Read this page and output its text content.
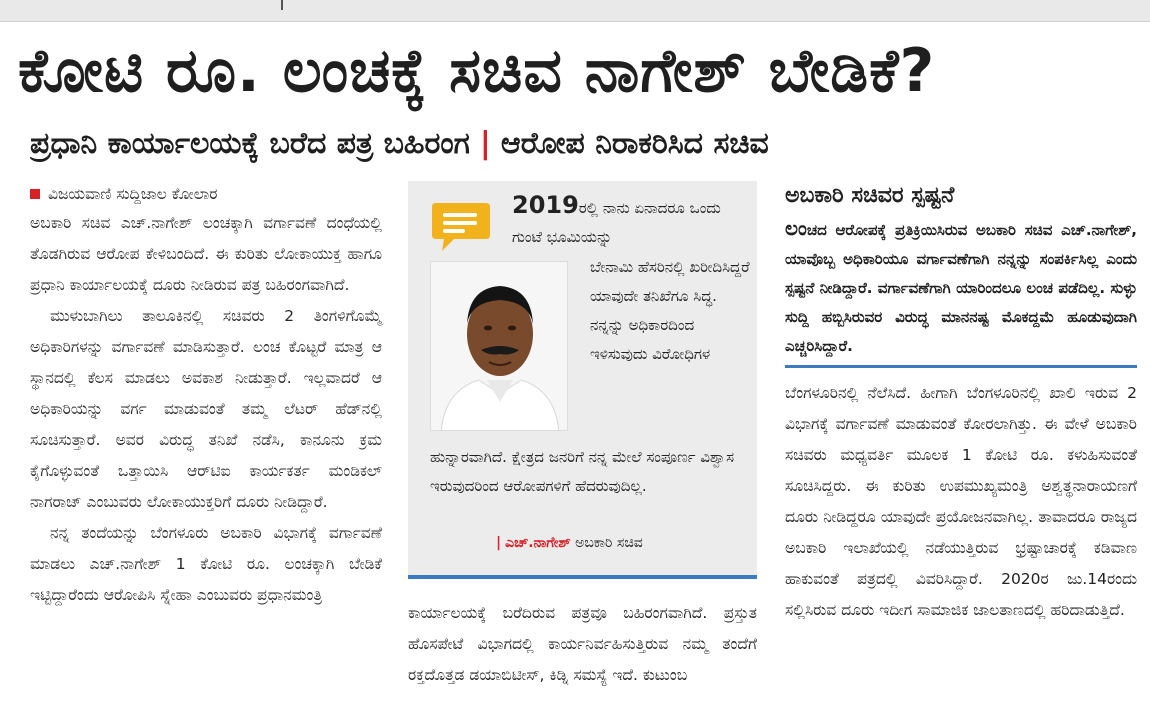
ಕೋಟಿ ರೂ. ಲಂಚಕ್ಕೆ ಸಚಿವ ನಾಗೇಶ್ ಬೇಡಿಕೆ?
ಪ್ರಧಾನಿ ಕಾರ್ಯಾಲಯಕ್ಕೆ ಬರೆದ ಪತ್ರ ಬಹಿರಂಗ | ಆರೋಪ ನಿರಾಕರಿಸಿದ ಸಚಿವ
ವಿಜಯವಾಣಿ ಸುದ್ದಿಜಾಲ ಕೋಲಾರ

ಅಬಕಾರಿ ಸಚಿವ ಎಚ್.ನಾಗೇಶ್ ಲಂಚಕ್ಕಾಗಿ ವರ್ಗಾವಣೆ ದಂಧೆಯಲ್ಲಿ ತೊಡಗಿರುವ ಆರೋಪ ಕೇಳಿಬಂದಿದೆ. ಈ ಕುರಿತು ಲೋಕಾಯುಕ್ತ ಹಾಗೂ ಪ್ರಧಾನಿ ಕಾರ್ಯಾಲಯಕ್ಕೆ ದೂರು ನೀಡಿರುವ ಪತ್ರ ಬಹಿರಂಗವಾಗಿದೆ.

ಮುಳುಬಾಗಿಲು ತಾಲೂಕಿನಲ್ಲಿ ಸಚಿವರು 2 ತಿಂಗಳಿಗೊಮ್ಮೆ ಅಧಿಕಾರಿಗಳನ್ನು ವರ್ಗಾವಣೆ ಮಾಡಿಸುತ್ತಾರೆ. ಲಂಚ ಕೊಟ್ಟರೆ ಮಾತ್ರ ಆ ಸ್ಥಾನದಲ್ಲಿ ಕೆಲಸ ಮಾಡಲು ಅವಕಾಶ ನೀಡುತ್ತಾರೆ. ಇಲ್ಲವಾದರೆ ಆ ಅಧಿಕಾರಿಯನ್ನು ವರ್ಗ ಮಾಡುವಂತೆ ತಮ್ಮ ಲೆಟರ್ ಹೆಡ್‌ನಲ್ಲಿ ಸೂಚಿಸುತ್ತಾರೆ. ಅವರ ವಿರುದ್ಧ ತನಿಖೆ ನಡೆಸಿ, ಕಾನೂನು ಕ್ರಮ ಕೈಗೊಳ್ಳುವಂತೆ ಒತ್ತಾಯಿಸಿ ಆರ್‌ಟಿಐ ಕಾರ್ಯಕರ್ತ ಮಂಡಿಕಲ್ ನಾಗರಾಜ್ ಎಂಬುವರು ಲೋಕಾಯುಕ್ತರಿಗೆ ದೂರು ನೀಡಿದ್ದಾರೆ.

ನನ್ನ ತಂದೆಯನ್ನು ಬೆಂಗಳೂರು ಅಬಕಾರಿ ವಿಭಾಗಕ್ಕೆ ವರ್ಗಾವಣೆ ಮಾಡಲು ಎಚ್.ನಾಗೇಶ್ 1 ಕೋಟಿ ರೂ. ಲಂಚಕ್ಕಾಗಿ ಬೇಡಿಕೆ ಇಟ್ಟಿದ್ದಾರೆಂದು ಆರೋಪಿಸಿ ಸ್ನೇಹಾ ಎಂಬುವರು ಪ್ರಧಾನಮಂತ್ರಿ

2019ರಲ್ಲಿ ನಾನು ಏನಾದರೂ ಒಂದು ಗುಂಟೆ ಭೂಮಿಯನ್ನು
ಬೇನಾಮಿ ಹೆಸರಿನಲ್ಲಿ ಖರೀದಿಸಿದ್ದರೆ ಯಾವುದೇ ತನಿಖೆಗೂ ಸಿದ್ಧ. ನನ್ನನ್ನು ಅಧಿಕಾರದಿಂದ ಇಳಿಸುವುದು ವಿರೋಧಿಗಳ
ಹುನ್ನಾರವಾಗಿದೆ. ಕ್ಷೇತ್ರದ ಜನರಿಗೆ ನನ್ನ ಮೇಲೆ ಸಂಪೂರ್ಣ ವಿಶ್ವಾಸ ಇರುವುದರಿಂದ ಆರೋಪಗಳಿಗೆ ಹೆದರುವುದಿಲ್ಲ.
| ಎಚ್.ನಾಗೇಶ್ ಅಬಕಾರಿ ಸಚಿವ

ಕಾರ್ಯಾಲಯಕ್ಕೆ ಬರೆದಿರುವ ಪತ್ರವೂ ಬಹಿರಂಗವಾಗಿದೆ. ಪ್ರಸ್ತುತ ಹೊಸಪೇಟೆ ವಿಭಾಗದಲ್ಲಿ ಕಾರ್ಯನಿರ್ವಹಿಸುತ್ತಿರುವ ನಮ್ಮ ತಂದೆಗೆ ರಕ್ತದೊತ್ತಡ ಡಯಾಬಿಟೀಸ್, ಕಿಡ್ನಿ ಸಮಸ್ಯೆ ಇದೆ. ಕುಟುಂಬ

ಅಬಕಾರಿ ಸಚಿವರ ಸ್ಪಷ್ಟನೆ
ಲಂಚದ ಆರೋಪಕ್ಕೆ ಪ್ರತಿಕ್ರಿಯಿಸಿರುವ ಅಬಕಾರಿ ಸಚಿವ ಎಚ್.ನಾಗೇಶ್, ಯಾವೊಬ್ಬ ಅಧಿಕಾರಿಯೂ ವರ್ಗಾವಣೆಗಾಗಿ ನನ್ನನ್ನು ಸಂಪರ್ಕಿಸಿಲ್ಲ ಎಂದು ಸ್ಪಷ್ಟನೆ ನೀಡಿದ್ದಾರೆ. ವರ್ಗಾವಣೆಗಾಗಿ ಯಾರಿಂದಲೂ ಲಂಚ ಪಡೆದಿಲ್ಲ. ಸುಳ್ಳು ಸುದ್ದಿ ಹಬ್ಬಿಸಿರುವರ ವಿರುದ್ಧ ಮಾನನಷ್ಟ ಮೊಕದ್ದಮೆ ಹೂಡುವುದಾಗಿ ಎಚ್ಚರಿಸಿದ್ದಾರೆ.

ಬೆಂಗಳೂರಿನಲ್ಲಿ ನೆಲೆಸಿದೆ. ಹೀಗಾಗಿ ಬೆಂಗಳೂರಿನಲ್ಲಿ ಖಾಲಿ ಇರುವ 2 ವಿಭಾಗಕ್ಕೆ ವರ್ಗಾವಣೆ ಮಾಡುವಂತೆ ಕೋರಲಾಗಿತ್ತು. ಈ ವೇಳೆ ಅಬಕಾರಿ ಸಚಿವರು ಮಧ್ಯವರ್ತಿ ಮೂಲಕ 1 ಕೋಟಿ ರೂ. ಕಳುಹಿಸುವಂತೆ ಸೂಚಿಸಿದ್ದರು. ಈ ಕುರಿತು ಉಪಮುಖ್ಯಮಂತ್ರಿ ಅಶ್ವತ್ಥನಾರಾಯಣಗೆ ದೂರು ನೀಡಿದ್ದರೂ ಯಾವುದೇ ಪ್ರಯೋಜನವಾಗಿಲ್ಲ. ತಾವಾದರೂ ರಾಜ್ಯದ ಅಬಕಾರಿ ಇಲಾಖೆಯಲ್ಲಿ ನಡೆಯುತ್ತಿರುವ ಭ್ರಷ್ಟಾಚಾರಕ್ಕೆ ಕಡಿವಾಣ ಹಾಕುವಂತೆ ಪತ್ರದಲ್ಲಿ ವಿವರಿಸಿದ್ದಾರೆ. 2020ರ ಜು.14ರಂದು ಸಲ್ಲಿಸಿರುವ ದೂರು ಇದೀಗ ಸಾಮಾಜಿಕ ಜಾಲತಾಣದಲ್ಲಿ ಹರಿದಾಡುತ್ತಿದೆ.
